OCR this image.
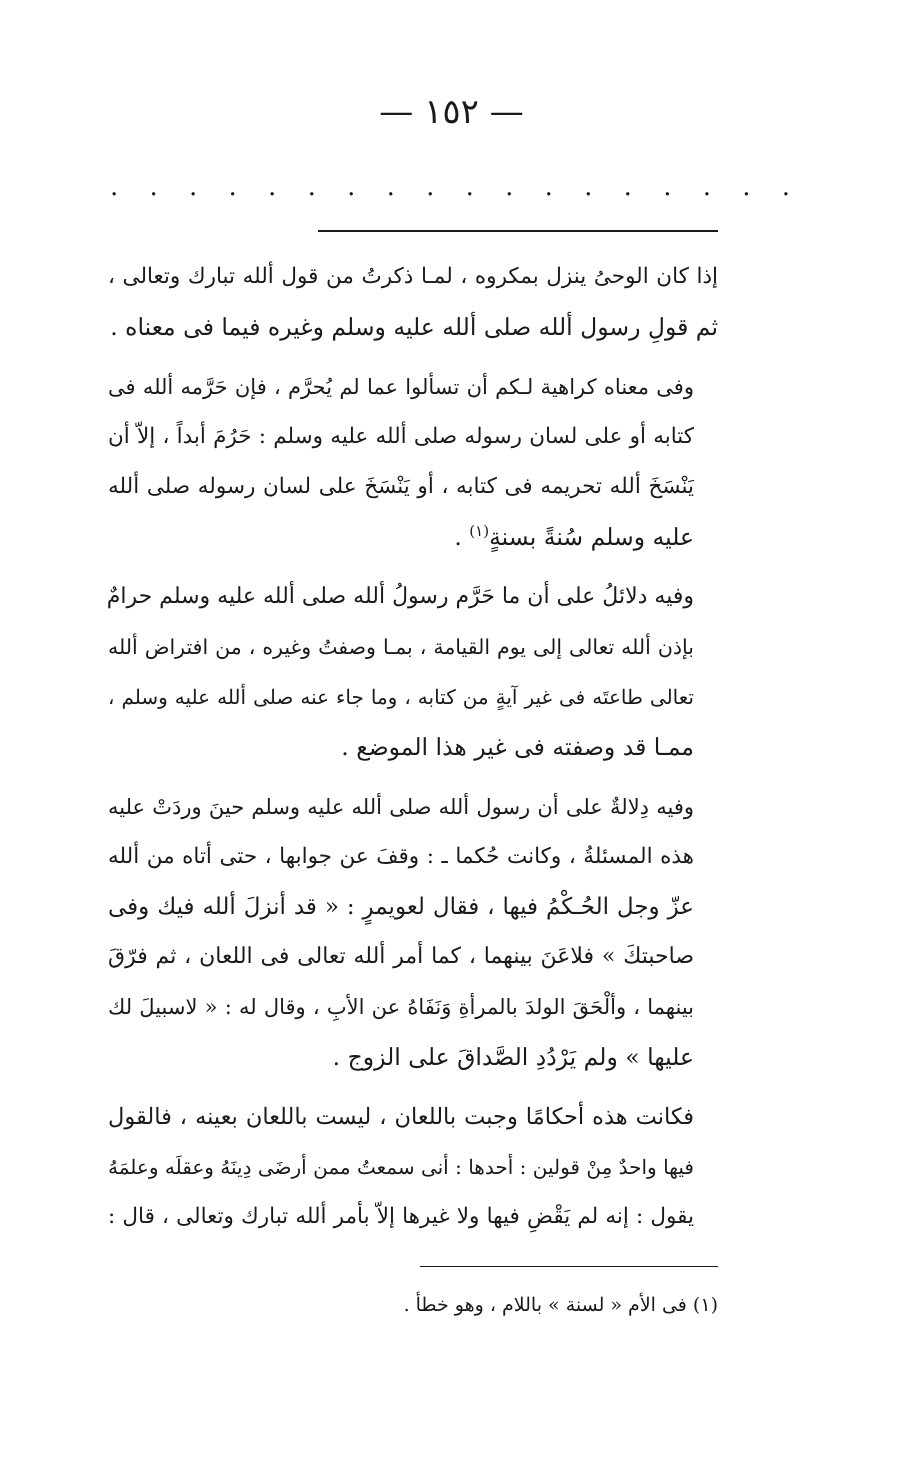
— ١٥٢ —
. . . . . . . . . . . . . . . . . .

إذا كان الوحىُ ينزل بمكروه ، لمـا ذكرتُ من قول ألله تبارك وتعالى ،
ثم قولِ رسول ألله صلى ألله عليه وسلم وغيره فيما فى معناه .

وفى معناه كراهية لـكم أن تسألوا عما لم يُحرَّم ، فإن حَرَّمه ألله فى
كتابه أو على لسان رسوله صلى ألله عليه وسلم : حَرُمَ أبداً ، إلاّ أن
يَنْسَخَ ألله تحريمه فى كتابه ، أو يَنْسَخَ على لسان رسوله صلى ألله
عليه وسلم سُنةً بسنةٍ$^{(١)}$ .

وفيه دلائلُ على أن ما حَرَّم رسولُ ألله صلى ألله عليه وسلم حرامٌ
بإذن ألله تعالى إلى يوم القيامة ، بمـا وصفتُ وغيره ، من افتراض ألله
تعالى طاعتَه فى غير آيةٍ من كتابه ، وما جاء عنه صلى ألله عليه وسلم ،
ممـا قد وصفته فى غير هذا الموضع .

وفيه دِلالةٌ على أن رسول ألله صلى ألله عليه وسلم حينَ وردَتْ عليه
هذه المسئلةُ ، وكانت حُكما ـ : وقفَ عن جوابها ، حتى أتاه من ألله
عزّ وجل الحُـكْمُ فيها ، فقال لعويمرٍ : « قد أنزلَ ألله فيك وفى
صاحبتكَ » فلاعَنَ بينهما ، كما أمر ألله تعالى فى اللعان ، ثم فرّقَ
بينهما ، وألْحَقَ الولدَ بالمرأةِ وَنَفَاهُ عن الأبِ ، وقال له : « لاسبيلَ لك
عليها » ولم يَرْدُدِ الصَّداقَ على الزوج .

فكانت هذه أحكامًا وجبت باللعان ، ليست باللعان بعينه ، فالقول
فيها واحدٌ مِنْ قولين : أحدها : أنى سمعتُ ممن أرضَى دِينَهُ وعقلَه وعلمَهُ
يقول : إنه لم يَقْضِ فيها ولا غيرها إلاّ بأمر ألله تبارك وتعالى ، قال :

(١) فى الأم « لسنة » باللام ، وهو خطأ .
